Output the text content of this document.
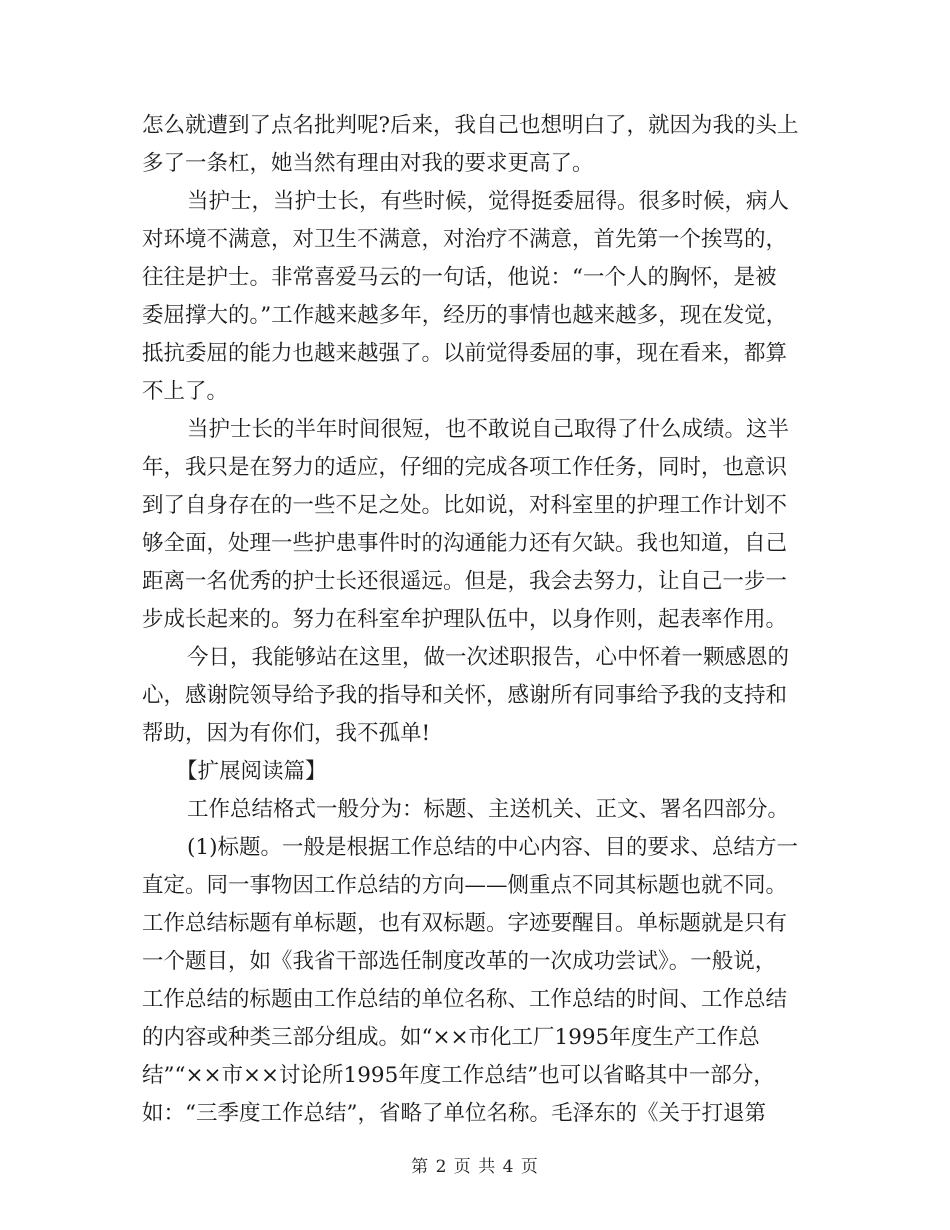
怎么就遭到了点名批判呢?后来，我自己也想明白了，就因为我的头上
多了一条杠，她当然有理由对我的要求更高了。
当护士，当护士长，有些时候，觉得挺委屈得。很多时候，病人
对环境不满意，对卫生不满意，对治疗不满意，首先第一个挨骂的，
往往是护士。非常喜爱马云的一句话，他说：“一个人的胸怀，是被
委屈撑大的。”工作越来越多年，经历的事情也越来越多，现在发觉，
抵抗委屈的能力也越来越强了。以前觉得委屈的事，现在看来，都算
不上了。
当护士长的半年时间很短，也不敢说自己取得了什么成绩。这半
年，我只是在努力的适应，仔细的完成各项工作任务，同时，也意识
到了自身存在的一些不足之处。比如说，对科室里的护理工作计划不
够全面，处理一些护患事件时的沟通能力还有欠缺。我也知道，自己
距离一名优秀的护士长还很遥远。但是，我会去努力，让自己一步一
步成长起来的。努力在科室牟护理队伍中，以身作则，起表率作用。
今日，我能够站在这里，做一次述职报告，心中怀着一颗感恩的
心，感谢院领导给予我的指导和关怀，感谢所有同事给予我的支持和
帮助，因为有你们，我不孤单!
【扩展阅读篇】
工作总结格式一般分为：标题、主送机关、正文、署名四部分。
(1)标题。一般是根据工作总结的中心内容、目的要求、总结方一
直定。同一事物因工作总结的方向——侧重点不同其标题也就不同。
工作总结标题有单标题，也有双标题。字迹要醒目。单标题就是只有
一个题目，如《我省干部选任制度改革的一次成功尝试》。一般说，
工作总结的标题由工作总结的单位名称、工作总结的时间、工作总结
的内容或种类三部分组成。如“××市化工厂1995年度生产工作总
结”“××市××讨论所1995年度工作总结”也可以省略其中一部分，
如：“三季度工作总结”，省略了单位名称。毛泽东的《关于打退第
第 2 页 共 4 页
